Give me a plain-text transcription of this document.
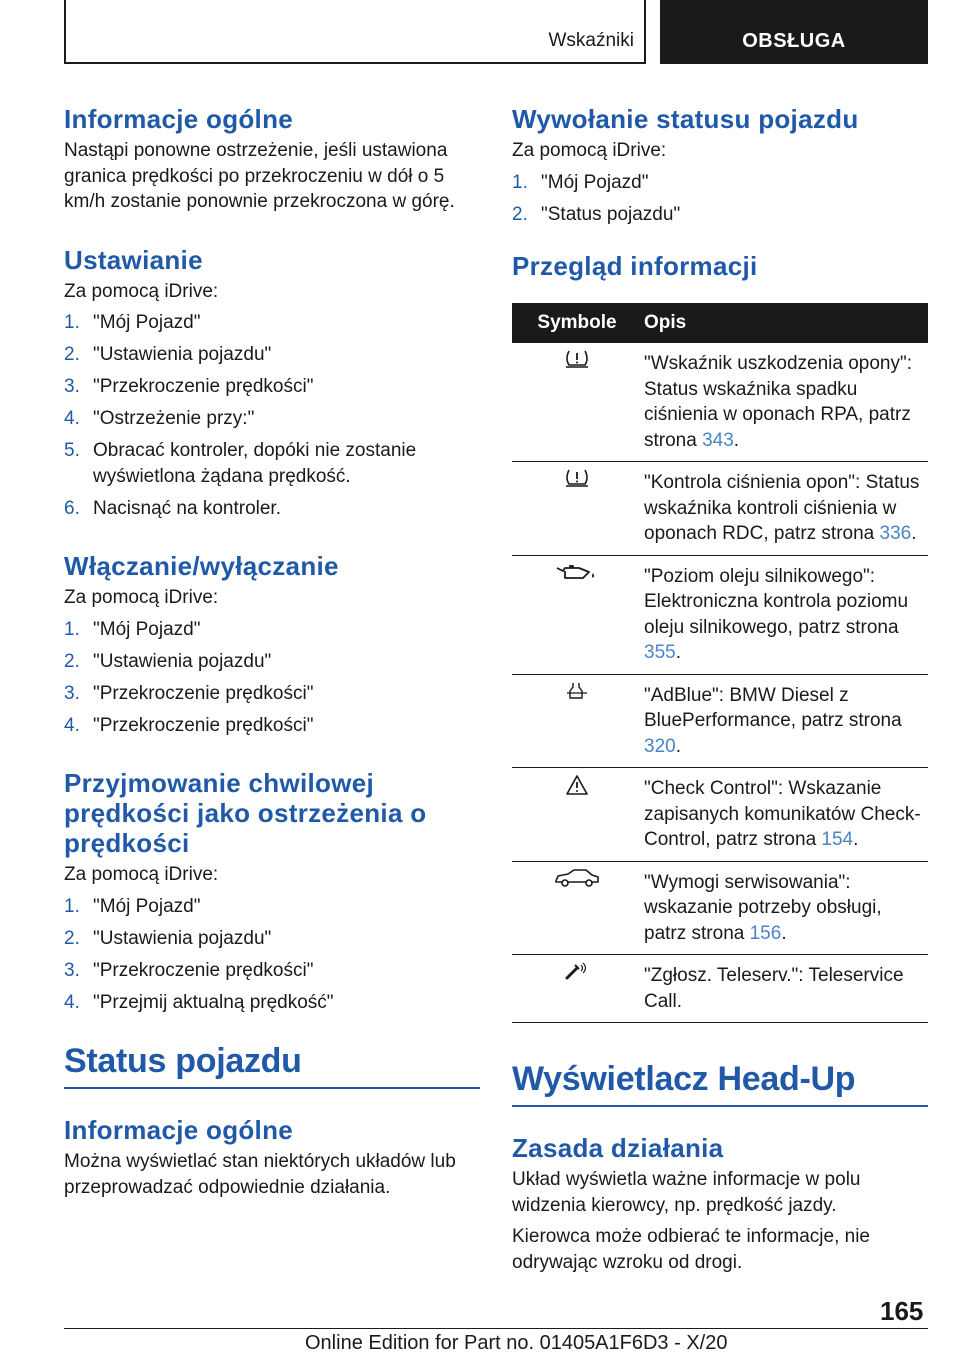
Wskaźniki	OBSŁUGA
Informacje ogólne

Nastąpi ponowne ostrzeżenie, jeśli ustawiona granica prędkości po przekroczeniu w dół o 5 km/h zostanie ponownie przekroczona w górę.

Ustawianie

Za pomocą iDrive:

1. "Mój Pojazd"
2. "Ustawienia pojazdu"
3. "Przekroczenie prędkości"
4. "Ostrzeżenie przy:"
5. Obracać kontroler, dopóki nie zostanie wyświetlona żądana prędkość.
6. Nacisnąć na kontroler.
Włączanie/wyłączanie

Za pomocą iDrive:

1. "Mój Pojazd"
2. "Ustawienia pojazdu"
3. "Przekroczenie prędkości"
4. "Przekroczenie prędkości"
Przyjmowanie chwilowej prędkości jako ostrzeżenia o prędkości

Za pomocą iDrive:

1. "Mój Pojazd"
2. "Ustawienia pojazdu"
3. "Przekroczenie prędkości"
4. "Przejmij aktualną prędkość"
Status pojazdu
Informacje ogólne

Można wyświetlać stan niektórych układów lub przeprowadzać odpowiednie działania.

Wywołanie statusu pojazdu

Za pomocą iDrive:

1. "Mój Pojazd"
2. "Status pojazdu"
Przegląd informacji
Symbole	Opis
	"Wskaźnik uszkodzenia opony": Status wskaźnika spadku ciśnienia w oponach RPA, patrz strona 343.
	"Kontrola ciśnienia opon": Status wskaźnika kontroli ciśnienia w oponach RDC, patrz strona 336.
	"Poziom oleju silnikowego": Elektroniczna kontrola poziomu oleju silnikowego, patrz strona 355.
	"AdBlue": BMW Diesel z BluePerformance, patrz strona 320.
	"Check Control": Wskazanie zapisanych komunikatów Check-Control, patrz strona 154.
	"Wymogi serwisowania": wskazanie potrzeby obsługi, patrz strona 156.
	"Zgłosz. Teleserv.": Teleservice Call.
Wyświetlacz Head-Up
Zasada działania

Układ wyświetla ważne informacje w polu widzenia kierowcy, np. prędkość jazdy.

Kierowca może odbierać te informacje, nie odrywając wzroku od drogi.

165
Online Edition for Part no. 01405A1F6D3 - X/20
